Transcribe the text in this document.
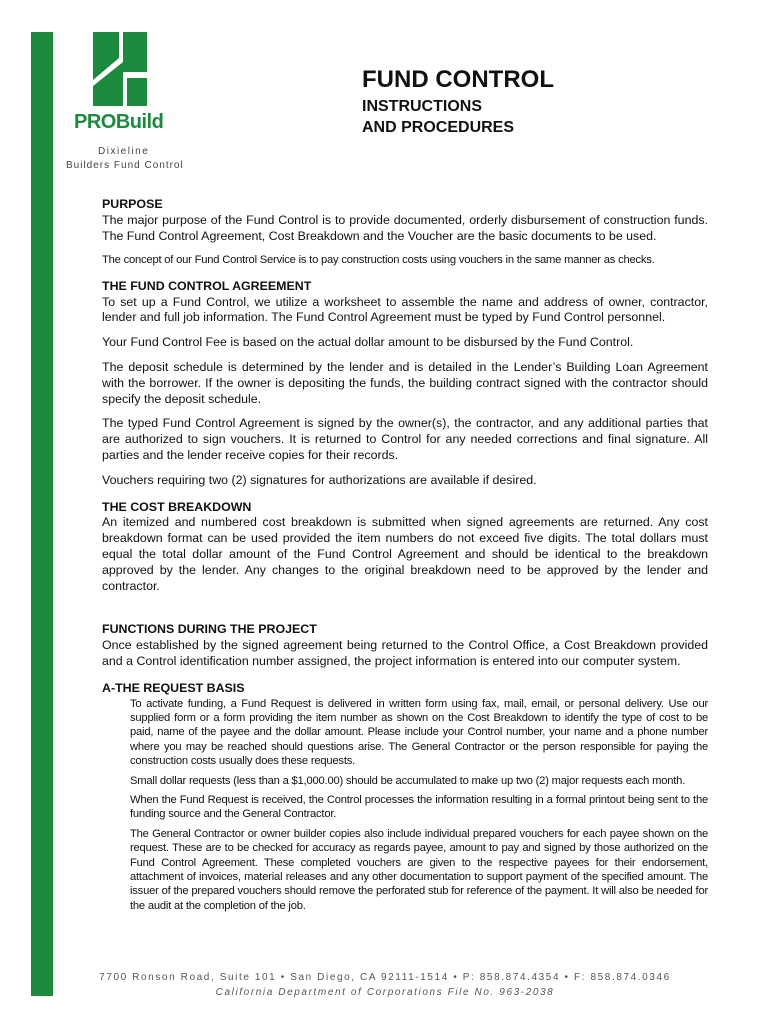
PROBuild
Dixieline
Builders Fund Control
FUND CONTROL
INSTRUCTIONS
AND PROCEDURES
PURPOSE

The major purpose of the Fund Control is to provide documented, orderly disbursement of construction funds. The Fund Control Agreement, Cost Breakdown and the Voucher are the basic documents to be used.

The concept of our Fund Control Service is to pay construction costs using vouchers in the same manner as checks.

THE FUND CONTROL AGREEMENT

To set up a Fund Control, we utilize a worksheet to assemble the name and address of owner, contractor, lender and full job information. The Fund Control Agreement must be typed by Fund Control personnel.

Your Fund Control Fee is based on the actual dollar amount to be disbursed by the Fund Control.

The deposit schedule is determined by the lender and is detailed in the Lender’s Building Loan Agreement with the borrower. If the owner is depositing the funds, the building contract signed with the contractor should specify the deposit schedule.

The typed Fund Control Agreement is signed by the owner(s), the contractor, and any additional parties that are authorized to sign vouchers. It is returned to Control for any needed corrections and final signature. All parties and the lender receive copies for their records.

Vouchers requiring two (2) signatures for authorizations are available if desired.

THE COST BREAKDOWN

An itemized and numbered cost breakdown is submitted when signed agreements are returned. Any cost breakdown format can be used provided the item numbers do not exceed five digits. The total dollars must equal the total dollar amount of the Fund Control Agreement and should be identical to the breakdown approved by the lender. Any changes to the original breakdown need to be approved by the lender and contractor.

FUNCTIONS DURING THE PROJECT

Once established by the signed agreement being returned to the Control Office, a Cost Breakdown provided and a Control identification number assigned, the project information is entered into our computer system.

A-THE REQUEST BASIS

To activate funding, a Fund Request is delivered in written form using fax, mail, email, or personal delivery. Use our supplied form or a form providing the item number as shown on the Cost Breakdown to identify the type of cost to be paid, name of the payee and the dollar amount. Please include your Control number, your name and a phone number where you may be reached should questions arise. The General Contractor or the person responsible for paying the construction costs usually does these requests.

Small dollar requests (less than a $1,000.00) should be accumulated to make up two (2) major requests each month.

When the Fund Request is received, the Control processes the information resulting in a formal printout being sent to the funding source and the General Contractor.

The General Contractor or owner builder copies also include individual prepared vouchers for each payee shown on the request. These are to be checked for accuracy as regards payee, amount to pay and signed by those authorized on the Fund Control Agreement. These completed vouchers are given to the respective payees for their endorsement, attachment of invoices, material releases and any other documentation to support payment of the specified amount. The issuer of the prepared vouchers should remove the perforated stub for reference of the payment. It will also be needed for the audit at the completion of the job.

7700 Ronson Road, Suite 101 • San Diego, CA 92111-1514 • P: 858.874.4354 • F: 858.874.0346
California Department of Corporations File No. 963-2038
